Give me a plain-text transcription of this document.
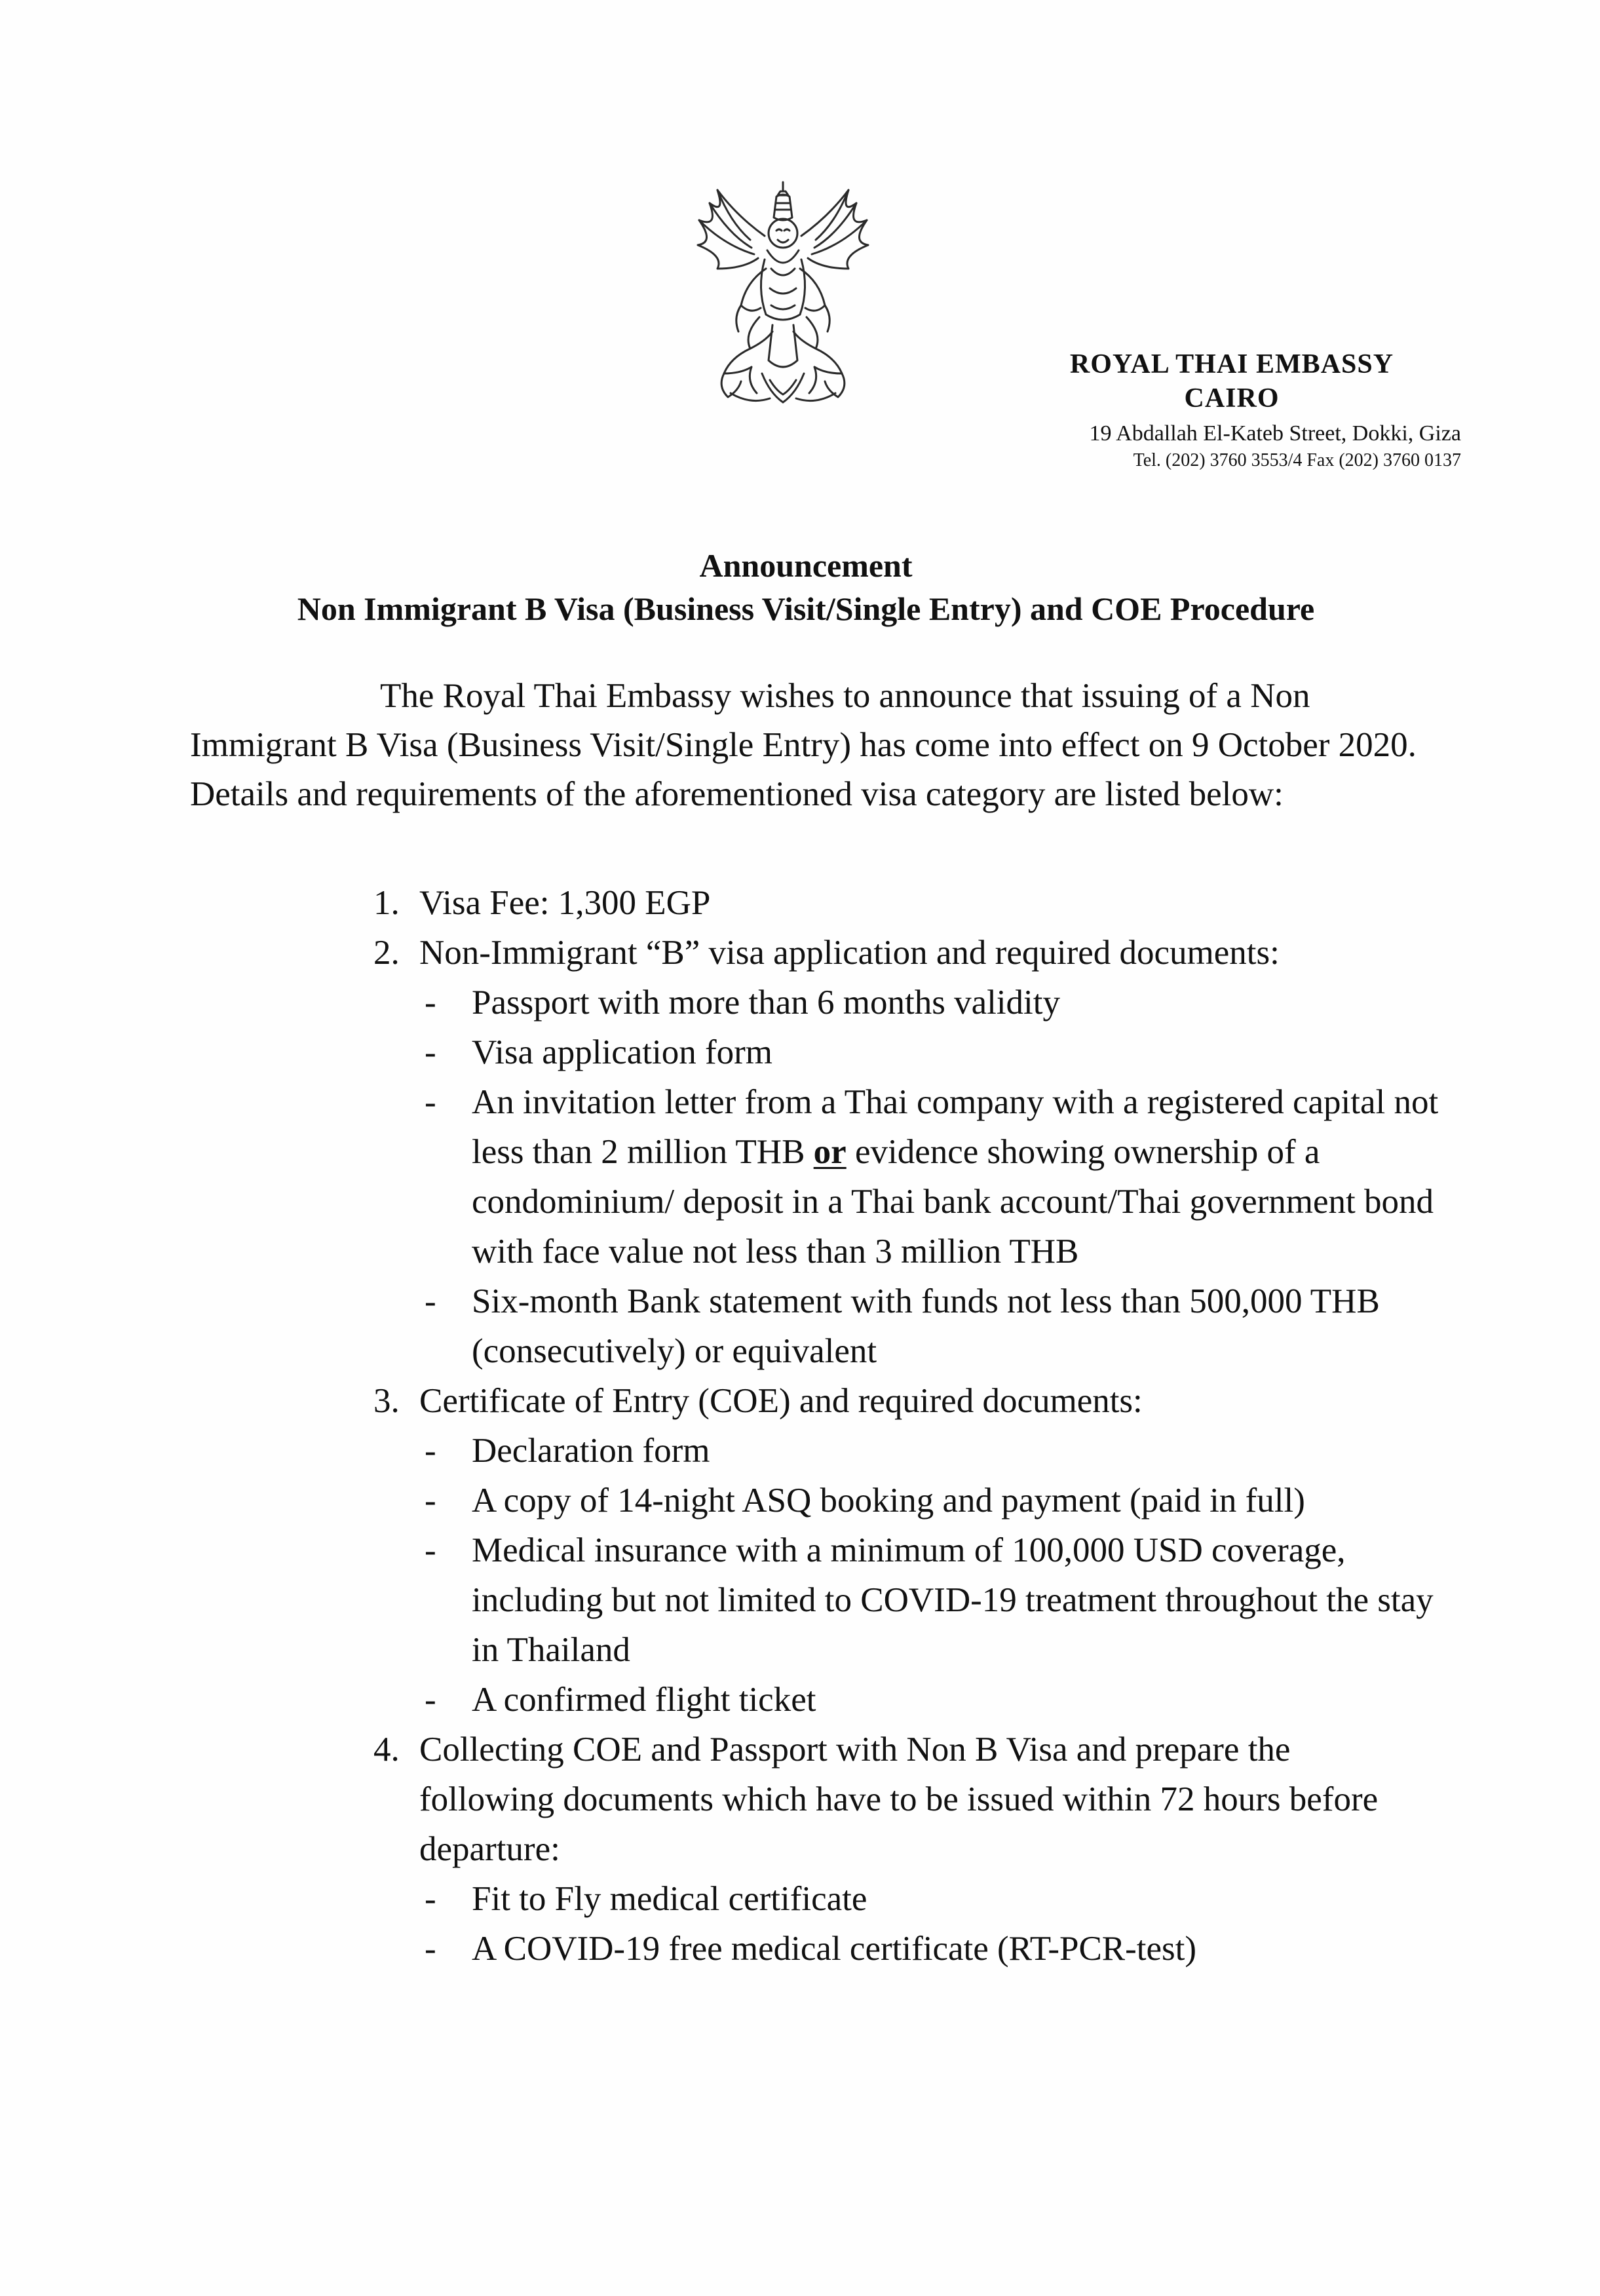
ROYAL THAI EMBASSY
CAIRO
19 Abdallah El-Kateb Street, Dokki, Giza
Tel. (202) 3760 3553/4 Fax (202) 3760 0137
Announcement
Non Immigrant B Visa (Business Visit/Single Entry) and COE Procedure
The Royal Thai Embassy wishes to announce that issuing of a Non Immigrant B Visa (Business Visit/Single Entry) has come into effect on 9 October 2020. Details and requirements of the aforementioned visa category are listed below:
1. Visa Fee: 1,300 EGP
2. Non-Immigrant “B” visa application and required documents:
- Passport with more than 6 months validity
- Visa application form
- An invitation letter from a Thai company with a registered capital not less than 2 million THB or evidence showing ownership of a condominium/ deposit in a Thai bank account/Thai government bond with face value not less than 3 million THB
- Six-month Bank statement with funds not less than 500,000 THB (consecutively) or equivalent
3. Certificate of Entry (COE) and required documents:
- Declaration form
- A copy of 14-night ASQ booking and payment (paid in full)
- Medical insurance with a minimum of 100,000 USD coverage, including but not limited to COVID-19 treatment throughout the stay in Thailand
- A confirmed flight ticket
4. Collecting COE and Passport with Non B Visa and prepare the following documents which have to be issued within 72 hours before departure:
- Fit to Fly medical certificate
- A COVID-19 free medical certificate (RT-PCR-test)
